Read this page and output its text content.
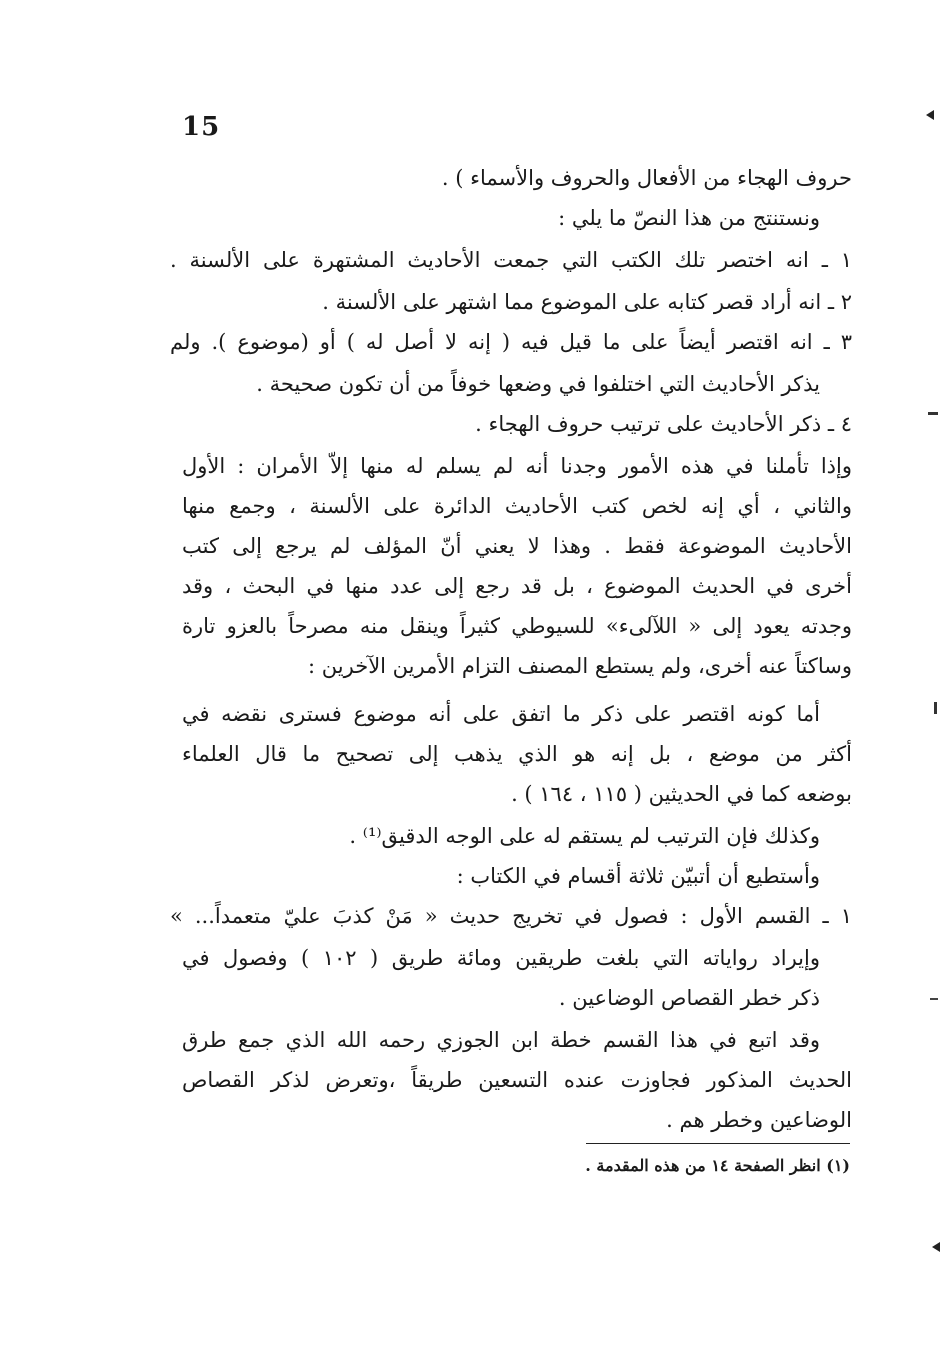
15
حروف الهجاء من الأفعال والحروف والأسماء ) .
ونستنتج من هذا النصّ ما يلي :
١ ـ انه اختصر تلك الكتب التي جمعت الأحاديث المشتهرة على الألسنة .
٢ ـ انه أراد قصر كتابه على الموضوع مما اشتهر على الألسنة .
٣ ـ انه اقتصر أيضاً على ما قيل فيه ( إنه لا أصل له ) أو (موضوع ). ولم
يذكر الأحاديث التي اختلفوا في وضعها خوفاً من أن تكون صحيحة .
٤ ـ ذكر الأحاديث على ترتيب حروف الهجاء .
وإذا تأملنا في هذه الأمور وجدنا أنه لم يسلم له منها إلاّ الأمران : الأول
والثاني ، أي إنه لخص كتب الأحاديث الدائرة على الألسنة ، وجمع منها
الأحاديث الموضوعة فقط . وهذا لا يعني أنّ المؤلف لم يرجع إلى كتب
أخرى في الحديث الموضوع ، بل قد رجع إلى عدد منها في البحث ، وقد
وجدته يعود إلى « اللآلىء» للسيوطي كثيراً وينقل منه مصرحاً بالعزو تارة
وساكتاً عنه أخرى، ولم يستطع المصنف التزام الأمرين الآخرين :
أما كونه اقتصر على ذكر ما اتفق على أنه موضوع فسترى نقضه في
أكثر من موضع ، بل إنه هو الذي يذهب إلى تصحيح ما قال العلماء
بوضعه كما في الحديثين ( ١١٥ ، ١٦٤ ) .
وكذلك فإن الترتيب لم يستقم له على الوجه الدقيق⁽¹⁾ .
وأستطيع أن أتبيّن ثلاثة أقسام في الكتاب :
١ ـ القسم الأول : فصول في تخريج حديث « مَنْ كذبَ عليّ متعمداً... »
وإيراد رواياته التي بلغت طريقين ومائة طريق ( ١٠٢ ) وفصول في
ذكر خطر القصاص الوضاعين .
وقد اتبع في هذا القسم خطة ابن الجوزي رحمه الله الذي جمع طرق
الحديث المذكور فجاوزت عنده التسعين طريقاً ،وتعرض لذكر القصاص
الوضاعين وخطر هم .
(١) انظر الصفحة ١٤ من هذه المقدمة .
